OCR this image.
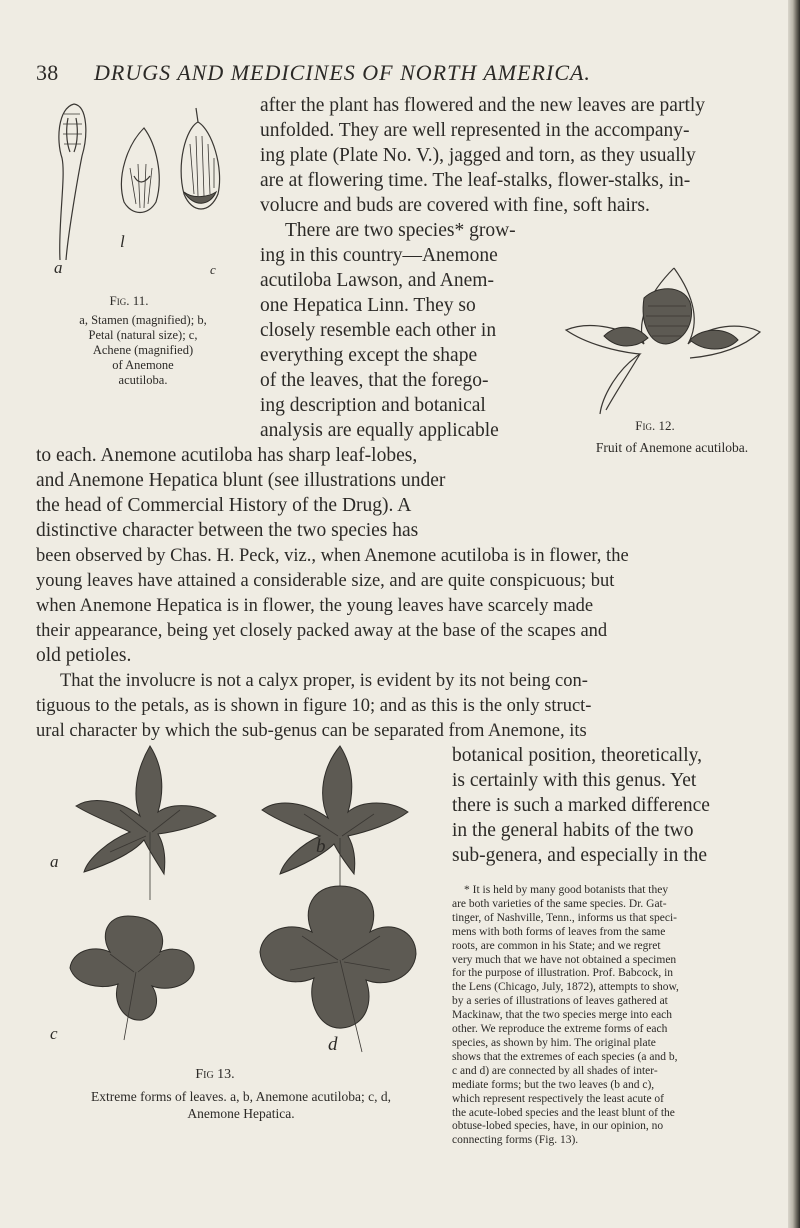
38 DRUGS AND MEDICINES OF NORTH AMERICA.
a
l
c
Fig. 11.
a, Stamen (magnified); b,
Petal (natural size); c,
Achene (magnified)
of Anemone
acutiloba.
Fig. 12.
Fruit of Anemone acutiloba.
after the plant has flowered and the new leaves are partly
unfolded. They are well represented in the accompany-
ing plate (Plate No. V.), jagged and torn, as they usually
are at flowering time. The leaf-stalks, flower-stalks, in-
volucre and buds are covered with fine, soft hairs.
There are two species* grow-
ing in this country—Anemone
acutiloba Lawson, and Anem-
one Hepatica Linn. They so
closely resemble each other in
everything except the shape
of the leaves, that the forego-
ing description and botanical
analysis are equally applicable
to each. Anemone acutiloba has sharp leaf-lobes,
and Anemone Hepatica blunt (see illustrations under
the head of Commercial History of the Drug). A
distinctive character between the two species has
been observed by Chas. H. Peck, viz., when Anemone acutiloba is in flower, the
young leaves have attained a considerable size, and are quite conspicuous; but
when Anemone Hepatica is in flower, the young leaves have scarcely made
their appearance, being yet closely packed away at the base of the scapes and
old petioles.
That the involucre is not a calyx proper, is evident by its not being con-
tiguous to the petals, as is shown in figure 10; and as this is the only struct-
ural character by which the sub-genus can be separated from Anemone, its
botanical position, theoretically,
is certainly with this genus. Yet
there is such a marked difference
in the general habits of the two
sub-genera, and especially in the
a
b
c
d
Fig 13.
Extreme forms of leaves. a, b, Anemone acutiloba; c, d,
Anemone Hepatica.
* It is held by many good botanists that they
are both varieties of the same species. Dr. Gat-
tinger, of Nashville, Tenn., informs us that speci-
mens with both forms of leaves from the same
roots, are common in his State; and we regret
very much that we have not obtained a specimen
for the purpose of illustration. Prof. Babcock, in
the Lens (Chicago, July, 1872), attempts to show,
by a series of illustrations of leaves gathered at
Mackinaw, that the two species merge into each
other. We reproduce the extreme forms of each
species, as shown by him. The original plate
shows that the extremes of each species (a and b,
c and d) are connected by all shades of inter-
mediate forms; but the two leaves (b and c),
which represent respectively the least acute of
the acute-lobed species and the least blunt of the
obtuse-lobed species, have, in our opinion, no
connecting forms (Fig. 13).
